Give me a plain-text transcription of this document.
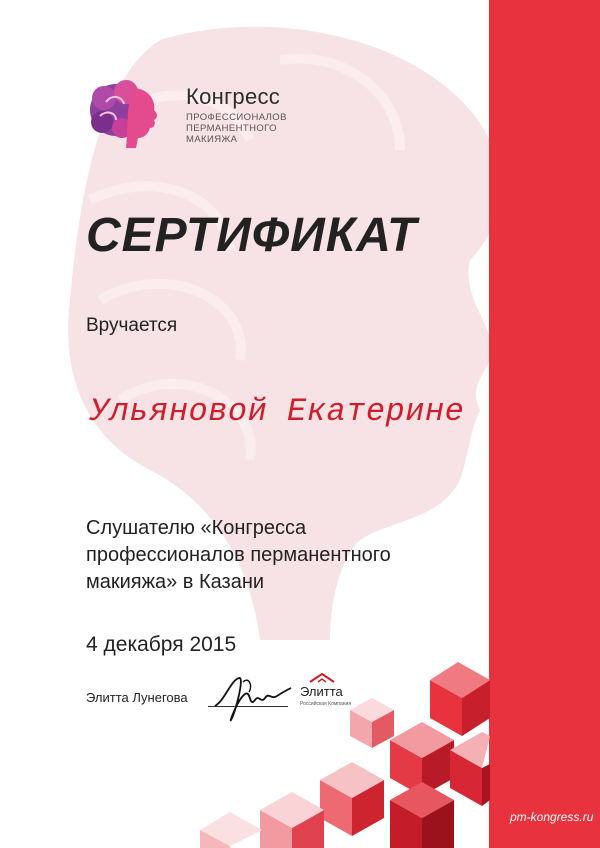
Конгресс
ПРОФЕССИОНАЛОВ
ПЕРМАНЕНТНОГО МАКИЯЖА
СЕРТИФИКАТ
Вручается
Ульяновой Екатерине
Слушателю «Конгресса
профессионалов перманентного
макияжа» в Казани
4 декабря 2015
Элитта Лунегова	Элитта
Российская Компания
pm-kongress.ru
